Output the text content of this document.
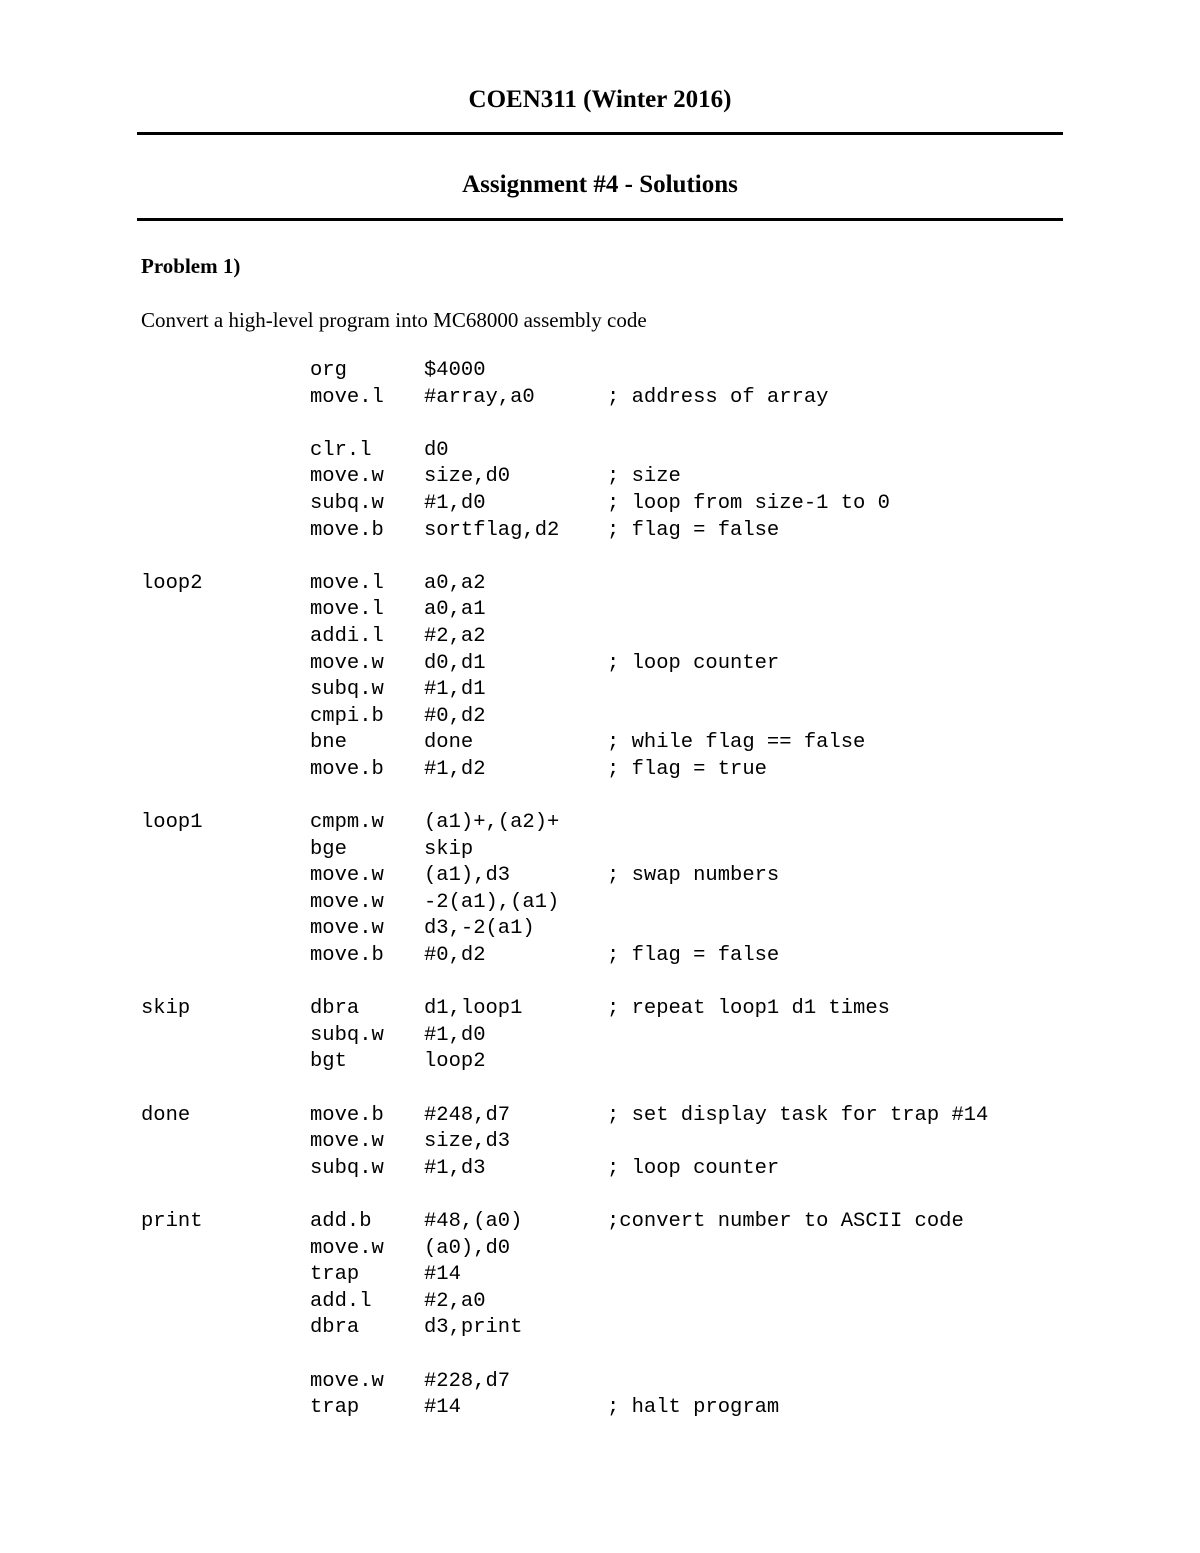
COEN311 (Winter 2016)
Assignment #4 - Solutions
Problem 1)
Convert a high-level program into MC68000 assembly code
org	$4000
move.l #array,a0	; address of array
clr.l	d0
move.w size,d0	; size
subq.w #1,d0	; loop from size-1 to 0
move.b sortflag,d2 ; flag = false
loop2	move.l a0,a2
move.l a0,a1
addi.l #2,a2
move.w d0,d1	; loop counter
subq.w #1,d1
cmpi.b #0,d2
bne	done	; while flag == false
move.b #1,d2	; flag = true
loop1	cmpm.w (a1)+,(a2)+
bge	skip
move.w (a1),d3	; swap numbers
move.w -2(a1),(a1)
move.w d3,-2(a1)
move.b #0,d2	; flag = false
skip	dbra	d1,loop1	; repeat loop1 d1 times
subq.w #1,d0
bgt	loop2
done	move.b #248,d7	; set display task for trap #14
move.w size,d3
subq.w #1,d3	; loop counter
print	add.b	#48,(a0)	;convert number to ASCII code
move.w (a0),d0
trap	#14
add.l	#2,a0
dbra	d3,print
move.w #228,d7
trap	#14	; halt program
